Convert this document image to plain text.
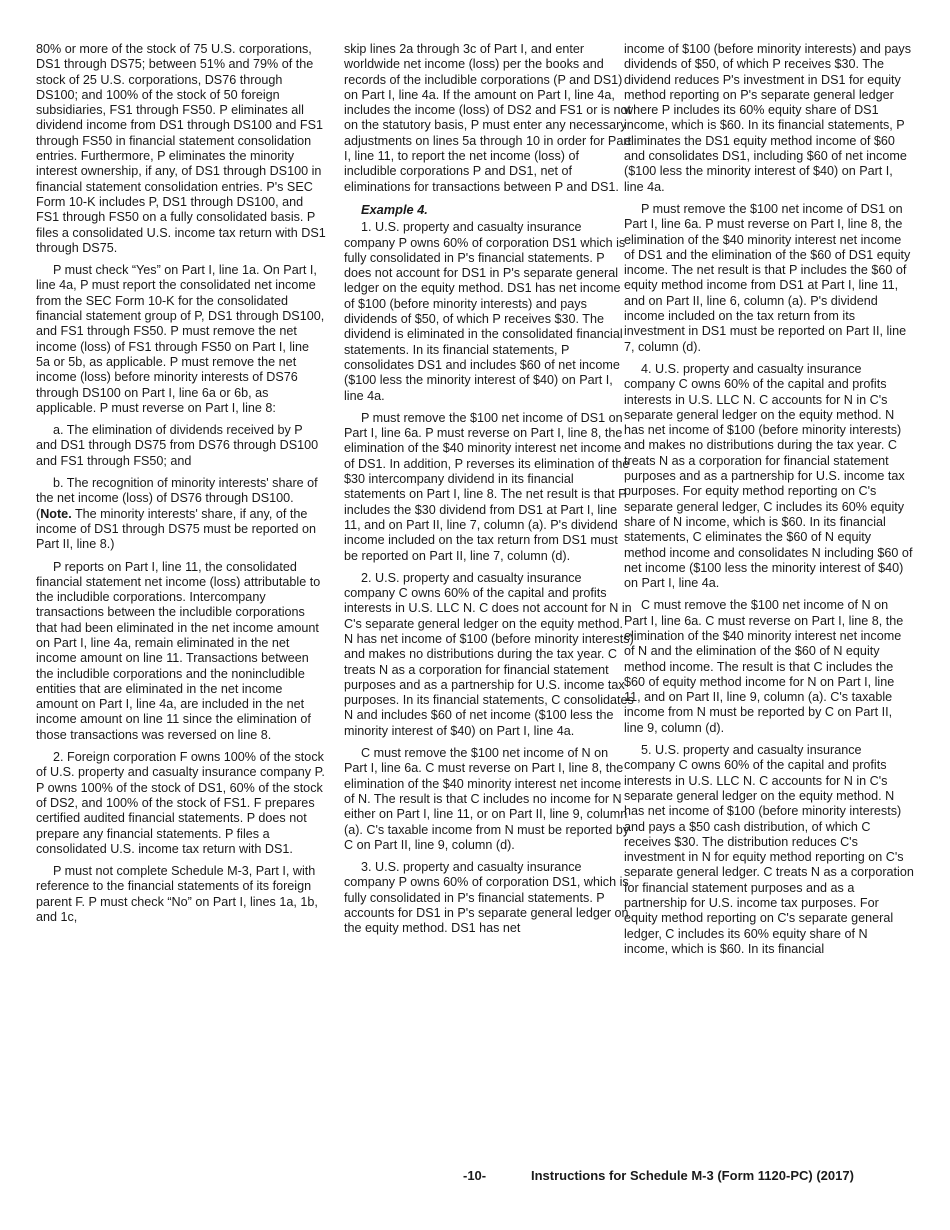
80% or more of the stock of 75 U.S. corporations, DS1 through DS75; between 51% and 79% of the stock of 25 U.S. corporations, DS76 through DS100; and 100% of the stock of 50 foreign subsidiaries, FS1 through FS50. P eliminates all dividend income from DS1 through DS100 and FS1 through FS50 in financial statement consolidation entries. Furthermore, P eliminates the minority interest ownership, if any, of DS1 through DS100 in financial statement consolidation entries. P's SEC Form 10-K includes P, DS1 through DS100, and FS1 through FS50 on a fully consolidated basis. P files a consolidated U.S. income tax return with DS1 through DS75.

P must check “Yes” on Part I, line 1a. On Part I, line 4a, P must report the consolidated net income from the SEC Form 10-K for the consolidated financial statement group of P, DS1 through DS100, and FS1 through FS50. P must remove the net income (loss) of FS1 through FS50 on Part I, line 5a or 5b, as applicable. P must remove the net income (loss) before minority interests of DS76 through DS100 on Part I, line 6a or 6b, as applicable. P must reverse on Part I, line 8:

a. The elimination of dividends received by P and DS1 through DS75 from DS76 through DS100 and FS1 through FS50; and

b. The recognition of minority interests' share of the net income (loss) of DS76 through DS100. (Note. The minority interests' share, if any, of the income of DS1 through DS75 must be reported on Part II, line 8.)

P reports on Part I, line 11, the consolidated financial statement net income (loss) attributable to the includible corporations. Intercompany transactions between the includible corporations that had been eliminated in the net income amount on Part I, line 4a, remain eliminated in the net income amount on line 11. Transactions between the includible corporations and the nonincludible entities that are eliminated in the net income amount on Part I, line 4a, are included in the net income amount on line 11 since the elimination of those transactions was reversed on line 8.

2. Foreign corporation F owns 100% of the stock of U.S. property and casualty insurance company P. P owns 100% of the stock of DS1, 60% of the stock of DS2, and 100% of the stock of FS1. F prepares certified audited financial statements. P does not prepare any financial statements. P files a consolidated U.S. income tax return with DS1.

P must not complete Schedule M-3, Part I, with reference to the financial statements of its foreign parent F. P must check “No” on Part I, lines 1a, 1b, and 1c,

skip lines 2a through 3c of Part I, and enter worldwide net income (loss) per the books and records of the includible corporations (P and DS1) on Part I, line 4a. If the amount on Part I, line 4a, includes the income (loss) of DS2 and FS1 or is not on the statutory basis, P must enter any necessary adjustments on lines 5a through 10 in order for Part I, line 11, to report the net income (loss) of includible corporations P and DS1, net of eliminations for transactions between P and DS1.

Example 4.

1. U.S. property and casualty insurance company P owns 60% of corporation DS1 which is fully consolidated in P's financial statements. P does not account for DS1 in P's separate general ledger on the equity method. DS1 has net income of $100 (before minority interests) and pays dividends of $50, of which P receives $30. The dividend is eliminated in the consolidated financial statements. In its financial statements, P consolidates DS1 and includes $60 of net income ($100 less the minority interest of $40) on Part I, line 4a.

P must remove the $100 net income of DS1 on Part I, line 6a. P must reverse on Part I, line 8, the elimination of the $40 minority interest net income of DS1. In addition, P reverses its elimination of the $30 intercompany dividend in its financial statements on Part I, line 8. The net result is that P includes the $30 dividend from DS1 at Part I, line 11, and on Part II, line 7, column (a). P's dividend income included on the tax return from DS1 must be reported on Part II, line 7, column (d).

2. U.S. property and casualty insurance company C owns 60% of the capital and profits interests in U.S. LLC N. C does not account for N in C's separate general ledger on the equity method. N has net income of $100 (before minority interests) and makes no distributions during the tax year. C treats N as a corporation for financial statement purposes and as a partnership for U.S. income tax purposes. In its financial statements, C consolidates N and includes $60 of net income ($100 less the minority interest of $40) on Part I, line 4a.

C must remove the $100 net income of N on Part I, line 6a. C must reverse on Part I, line 8, the elimination of the $40 minority interest net income of N. The result is that C includes no income for N either on Part I, line 11, or on Part II, line 9, column (a). C's taxable income from N must be reported by C on Part II, line 9, column (d).

3. U.S. property and casualty insurance company P owns 60% of corporation DS1, which is fully consolidated in P's financial statements. P accounts for DS1 in P's separate general ledger on the equity method. DS1 has net

income of $100 (before minority interests) and pays dividends of $50, of which P receives $30. The dividend reduces P's investment in DS1 for equity method reporting on P's separate general ledger where P includes its 60% equity share of DS1 income, which is $60. In its financial statements, P eliminates the DS1 equity method income of $60 and consolidates DS1, including $60 of net income ($100 less the minority interest of $40) on Part I, line 4a.

P must remove the $100 net income of DS1 on Part I, line 6a. P must reverse on Part I, line 8, the elimination of the $40 minority interest net income of DS1 and the elimination of the $60 of DS1 equity income. The net result is that P includes the $60 of equity method income from DS1 at Part I, line 11, and on Part II, line 6, column (a). P's dividend income included on the tax return from its investment in DS1 must be reported on Part II, line 7, column (d).

4. U.S. property and casualty insurance company C owns 60% of the capital and profits interests in U.S. LLC N. C accounts for N in C's separate general ledger on the equity method. N has net income of $100 (before minority interests) and makes no distributions during the tax year. C treats N as a corporation for financial statement purposes and as a partnership for U.S. income tax purposes. For equity method reporting on C's separate general ledger, C includes its 60% equity share of N income, which is $60. In its financial statements, C eliminates the $60 of N equity method income and consolidates N including $60 of net income ($100 less the minority interest of $40) on Part I, line 4a.

C must remove the $100 net income of N on Part I, line 6a. C must reverse on Part I, line 8, the elimination of the $40 minority interest net income of N and the elimination of the $60 of N equity method income. The result is that C includes the $60 of equity method income for N on Part I, line 11, and on Part II, line 9, column (a). C's taxable income from N must be reported by C on Part II, line 9, column (d).

5. U.S. property and casualty insurance company C owns 60% of the capital and profits interests in U.S. LLC N. C accounts for N in C's separate general ledger on the equity method. N has net income of $100 (before minority interests) and pays a $50 cash distribution, of which C receives $30. The distribution reduces C's investment in N for equity method reporting on C's separate general ledger. C treats N as a corporation for financial statement purposes and as a partnership for U.S. income tax purposes. For equity method reporting on C's separate general ledger, C includes its 60% equity share of N income, which is $60. In its financial

-10-	Instructions for Schedule M-3 (Form 1120-PC) (2017)
